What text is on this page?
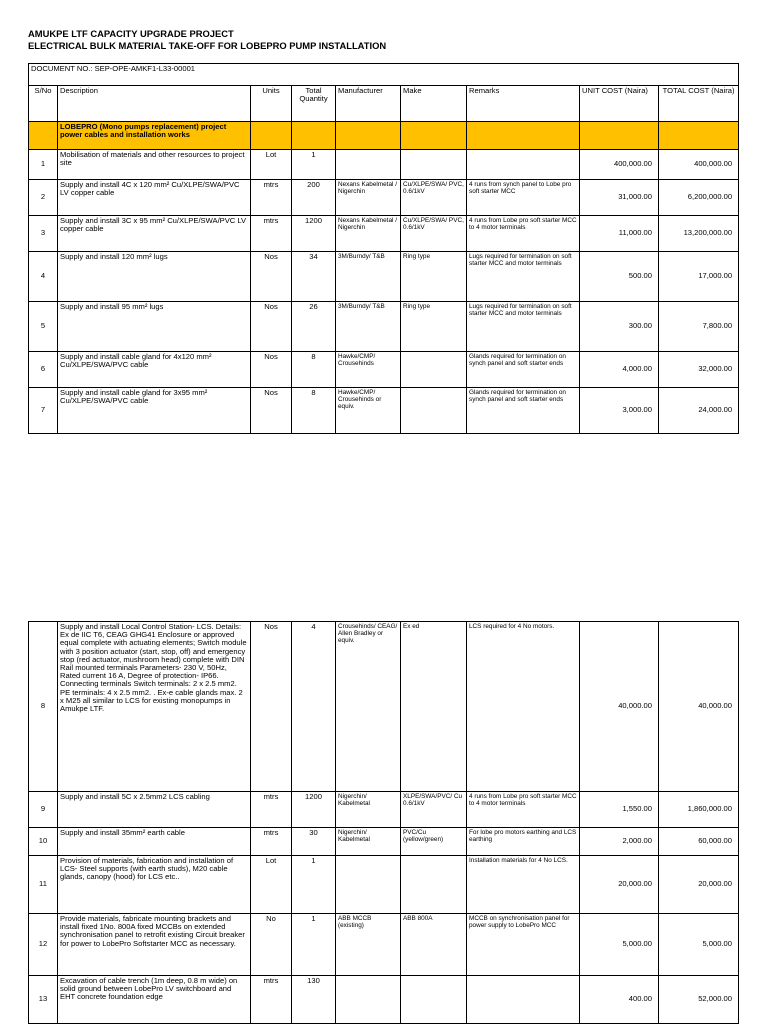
AMUKPE LTF CAPACITY UPGRADE PROJECT
ELECTRICAL BULK MATERIAL TAKE-OFF FOR LOBEPRO PUMP INSTALLATION
DOCUMENT NO.: SEP-OPE-AMKF1-L33-00001								
S/No	Description	Units	Total Quantity	Manufacturer	Make	Remarks	UNIT COST (Naira)	TOTAL COST (Naira)
	LOBEPRO (Mono pumps replacement) project power cables and installation works							
1	Mobilisation of materials and other resources to project site	Lot	1				400,000.00	400,000.00
2	Supply and install 4C x 120 mm² Cu/XLPE/SWA/PVC LV copper cable	mtrs	200	Nexans Kabelmetal / Nigerchin	Cu/XLPE/SWA/ PVC, 0.6/1kV	4 runs from synch panel to Lobe pro soft starter MCC	31,000.00	6,200,000.00
3	Supply and install 3C x 95 mm² Cu/XLPE/SWA/PVC LV copper cable	mtrs	1200	Nexans Kabelmetal / Nigerchin	Cu/XLPE/SWA/ PVC, 0.6/1kV	4 runs from Lobe pro soft starter MCC to 4 motor terminals	11,000.00	13,200,000.00
4	Supply and install 120 mm² lugs	Nos	34	3M/Burndy/ T&B	Ring type	Lugs required for termination on soft starter MCC and motor terminals	500.00	17,000.00
5	Supply and install 95 mm² lugs	Nos	26	3M/Burndy/ T&B	Ring type	Lugs required for termination on soft starter MCC and motor terminals	300.00	7,800.00
6	Supply and install cable gland for 4x120 mm² Cu/XLPE/SWA/PVC cable	Nos	8	Hawke/CMP/ Crousehinds		Glands required for termination on synch panel and soft starter ends	4,000.00	32,000.00
7	Supply and install cable gland for 3x95 mm² Cu/XLPE/SWA/PVC cable	Nos	8	Hawke/CMP/ Crousehinds or equiv.		Glands required for termination on synch panel and soft starter ends	3,000.00	24,000.00
8	Supply and install Local Control Station- LCS. Details: Ex de IIC T6, CEAG GHG41 Enclosure or approved equal complete with actuating elements; Switch module with 3 position actuator (start, stop, off) and emergency stop (red actuator, mushroom head) complete with DIN Rail mounted terminals Parameters- 230 V, 50Hz, Rated current 16 A, Degree of protection- IP66. Connecting terminals Switch terminals: 2 x 2.5 mm2. PE terminals: 4 x 2.5 mm2. . Ex-e cable glands max. 2 x M25 all similar to LCS for existing monopumps in Amukpe LTF.	Nos	4	Crousehinds/ CEAG/ Allen Bradley or equiv.	Ex ed	LCS required for 4 No motors.	40,000.00	40,000.00
9	Supply and install 5C x 2.5mm2 LCS cabling	mtrs	1200	Nigerchin/ Kabelmetal	XLPE/SWA/PVC/ Cu 0.6/1kV	4 runs from Lobe pro soft starter MCC to 4 motor terminals	1,550.00	1,860,000.00
10	Supply and install 35mm² earth cable	mtrs	30	Nigerchin/ Kabelmetal	PVC/Cu (yellow/green)	For lobe pro motors earthing and LCS earthing	2,000.00	60,000.00
11	Provision of materials, fabrication and installation of LCS- Steel supports (with earth studs), M20 cable glands, canopy (hood) for LCS etc..	Lot	1			Installation materials for 4 No LCS.	20,000.00	20,000.00
12	Provide materials, fabricate mounting brackets and install fixed 1No. 800A fixed MCCBs on extended synchronisation panel to retrofit existing Circuit breaker for power to LobePro Softstarter MCC as necessary.	No	1	ABB MCCB (existing)	ABB 800A	MCCB on synchronisation panel for power supply to LobePro MCC	5,000.00	5,000.00
13	Excavation of cable trench (1m deep, 0.8 m wide) on solid ground between LobePro LV switchboard and EHT concrete foundation edge	mtrs	130				400.00	52,000.00
